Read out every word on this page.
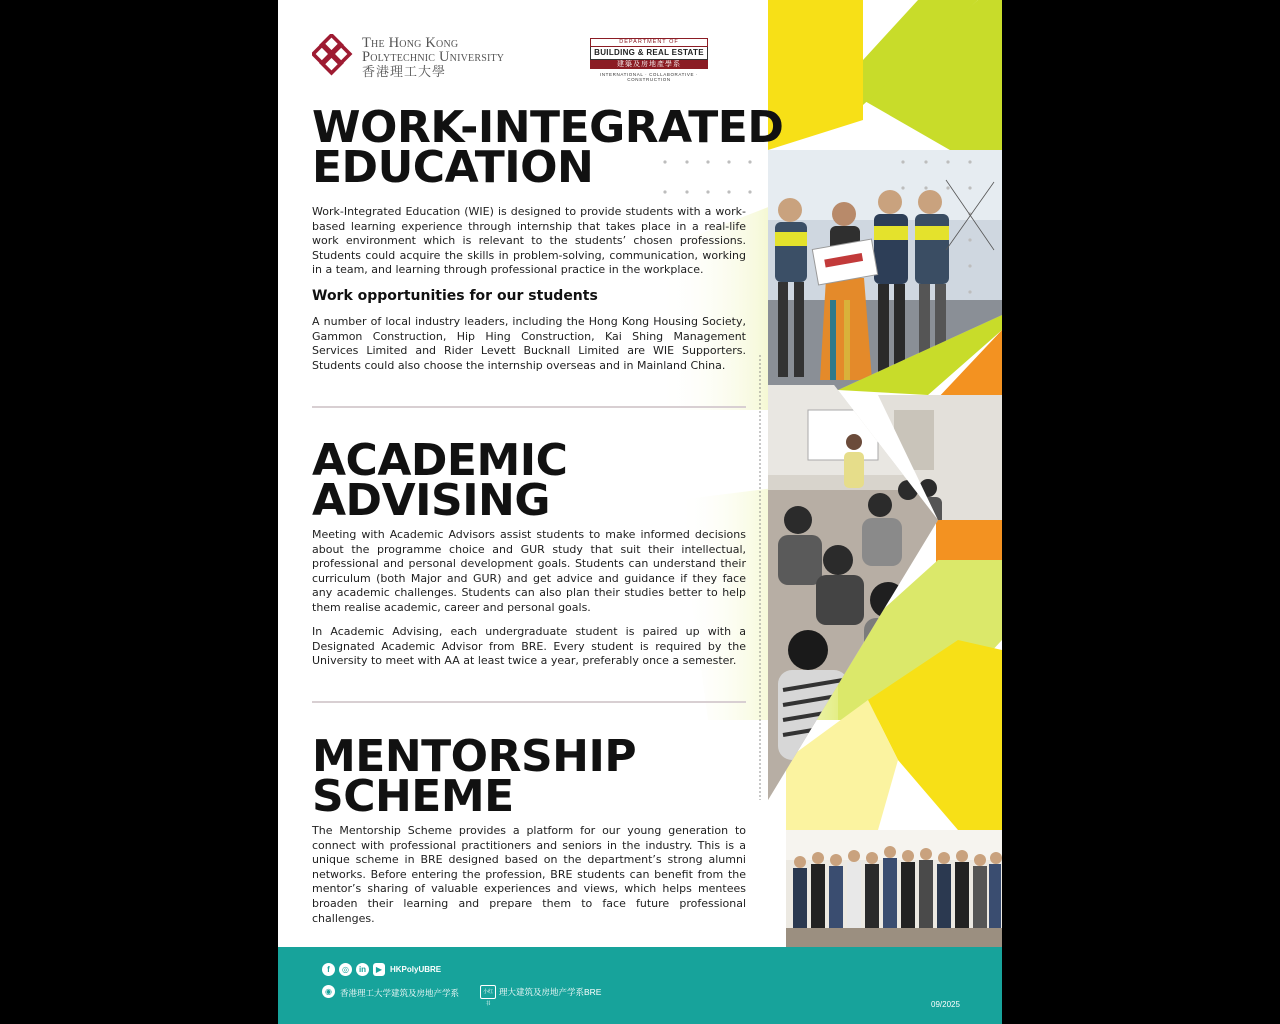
The Hong Kong
Polytechnic University
香港理工大學
DEPARTMENT OF
BUILDING & REAL ESTATE
建築及房地產學系
INTERNATIONAL · COLLABORATIVE · CONSTRUCTION
WORK-INTEGRATED
EDUCATION

Work-Integrated Education (WIE) is designed to provide students with a work-based learning experience through internship that takes place in a real-life work environment which is relevant to the students’ chosen professions. Students could acquire the skills in problem-solving, communication, working in a team, and learning through professional practice in the workplace.

Work opportunities for our students

A number of local industry leaders, including the Hong Kong Housing Society, Gammon Construction, Hip Hing Construction, Kai Shing Management Services Limited and Rider Levett Bucknall Limited are WIE Supporters. Students could also choose the internship overseas and in Mainland China.

ACADEMIC
ADVISING

Meeting with Academic Advisors assist students to make informed decisions about the programme choice and GUR study that suit their intellectual, professional and personal development goals. Students can understand their curriculum (both Major and GUR) and get advice and guidance if they face any academic challenges. Students can also plan their studies better to help them realise academic, career and personal goals.

In Academic Advising, each undergraduate student is paired up with a Designated Academic Advisor from BRE. Every student is required by the University to meet with AA at least twice a year, preferably once a semester.

MENTORSHIP
SCHEME

The Mentorship Scheme provides a platform for our young generation to connect with professional practitioners and seniors in the industry. This is a unique scheme in BRE designed based on the department’s strong alumni networks. Before entering the profession, BRE students can benefit from the mentor’s sharing of valuable experiences and views, which helps mentees broaden their learning and prepare them to face future professional challenges.

f	◎	in	▶ HKPolyUBRE
◉ 香港理工大学建筑及房地产学系	小红书
理大建筑及房地产学系BRE
09/2025
